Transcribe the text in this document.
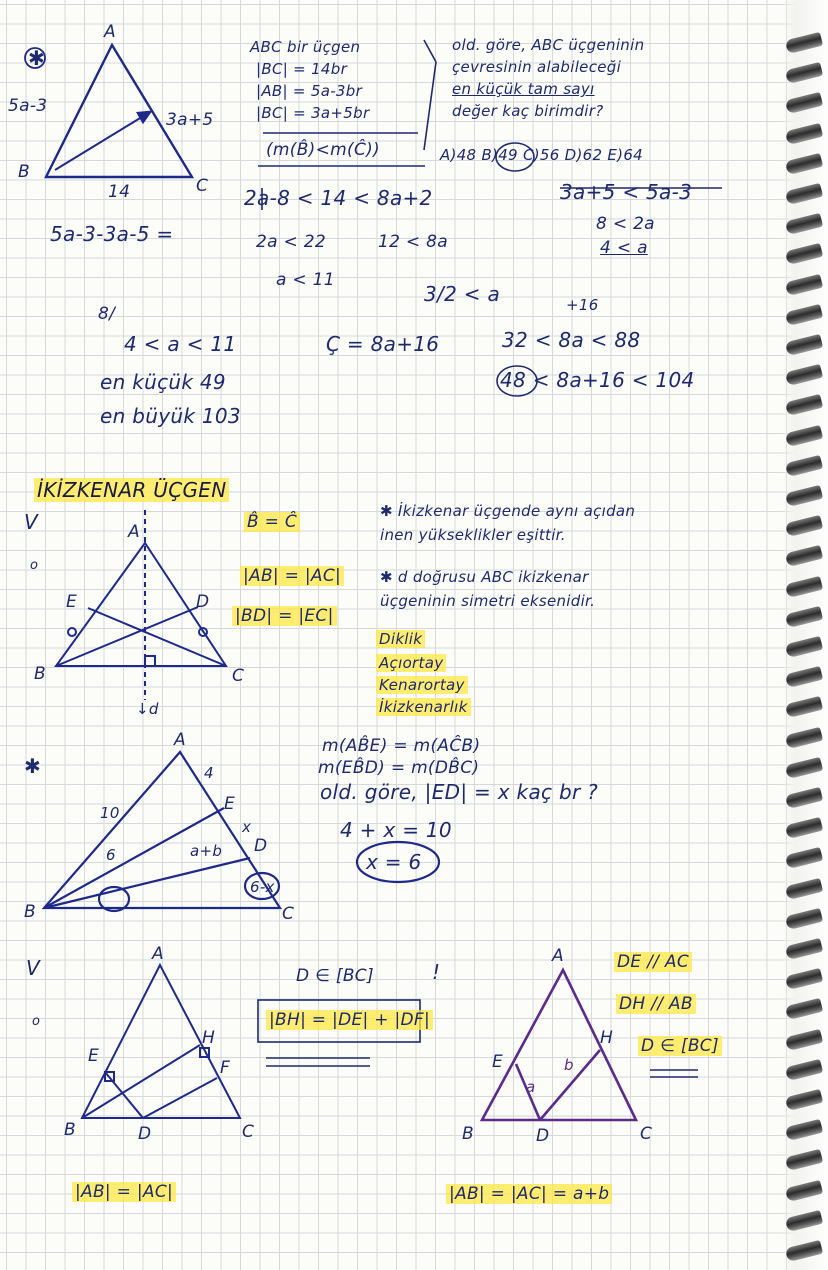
✱
A
B
C
5a-3
3a+5
14
ABC bir üçgen
|BC| = 14br
|AB| = 5a-3br
|BC| = 3a+5br
(m(B̂)<m(Ĉ))
old. göre, ABC üçgeninin
çevresinin alabileceği
en küçük tam sayı
değer kaç birimdir?
A)48 B)49 C)56 D)62 E)64
5a-3-3a-5 =
2a-8 < 14 < 8a+2
2a < 22
a < 11
12 < 8a
3/2 < a
3a+5 < 5a-3
8 < 2a
4 < a
+16
8/
4 < a < 11	Ç = 8a+16	32 < 8a < 88
48 < 8a+16 < 104
en küçük 49
en büyük 103
İKİZKENAR ÜÇGEN
B̂ = Ĉ
|AB| = |AC|
|BD| = |EC|
V
o
A
B	C
D
E
↓d
✱ İkizkenar üçgende aynı açıdan
inen yükseklikler eşittir.
✱ d doğrusu ABC ikizkenar
üçgeninin simetri eksenidir.
Diklik
Açıortay
Kenarortay
İkizkenarlık
✱
A
B	C
D
E
4
10
6
x
a+b
6-x
m(AB̂E) = m(AĈB)
m(EB̂D) = m(DB̂C)
old. göre, |ED| = x kaç br ?
4 + x = 10
x = 6
V
o
!
A
B	C
D
E
F
H
D ∈ [BC]
|BH| = |DE| + |DF|
|AB| = |AC|
A
B	C
D
E
H
a
b
DE // AC
DH // AB
D ∈ [BC]
|AB| = |AC| = a+b
